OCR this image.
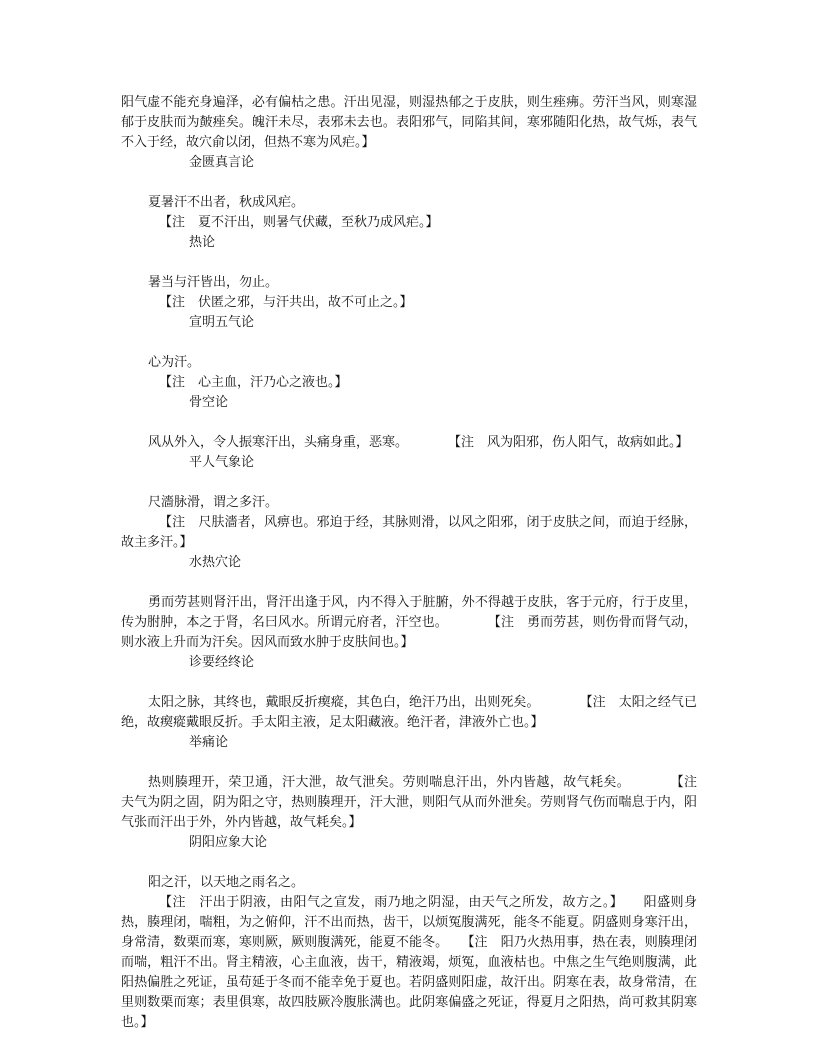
阳气虚不能充身遍泽，必有偏枯之患。汗出见湿，则湿热郁之于皮肤，则生痤疿。劳汗当风，则寒湿郁于皮肤而为皶痤矣。魄汗未尽，表邪未去也。表阳邪气，同陷其间，寒邪随阳化热，故气烁，表气不入于经，故穴俞以闭，但热不寒为风疟。】

金匮真言论

夏暑汗不出者，秋成风疟。

【注　夏不汗出，则暑气伏藏，至秋乃成风疟。】

热论

暑当与汗皆出，勿止。

【注　伏匿之邪，与汗共出，故不可止之。】

宣明五气论

心为汗。

【注　心主血，汗乃心之液也。】

骨空论

风从外入，令人振寒汗出，头痛身重，恶寒。	【注　风为阳邪，伤人阳气，故病如此。】

平人气象论

尺濇脉滑，谓之多汗。

【注　尺肤濇者，风痹也。邪迫于经，其脉则滑，以风之阳邪，闭于皮肤之间，而迫于经脉，故主多汗。】

水热穴论

勇而劳甚则肾汗出，肾汗出逢于风，内不得入于脏腑，外不得越于皮肤，客于元府，行于皮里，传为胕肿，本之于肾，名曰风水。所谓元府者，汗空也。	【注　勇而劳甚，则伤骨而肾气动，则水液上升而为汗矣。因风而致水肿于皮肤间也。】

诊要经终论

太阳之脉，其终也，戴眼反折瘈瘲，其色白，绝汗乃出，出则死矣。	【注　太阳之经气已绝，故瘈瘲戴眼反折。手太阳主液，足太阳藏液。绝汗者，津液外亡也。】

举痛论

热则腠理开，荣卫通，汗大泄，故气泄矣。劳则喘息汗出，外内皆越，故气耗矣。	【注　夫气为阴之固，阴为阳之守，热则腠理开，汗大泄，则阳气从而外泄矣。劳则肾气伤而喘息于内，阳气张而汗出于外，外内皆越，故气耗矣。】

阴阳应象大论

阳之汗，以天地之雨名之。

【注　汗出于阴液，由阳气之宣发，雨乃地之阴湿，由天气之所发，故方之。】　　阳盛则身热，腠理闭，喘粗，为之俯仰，汗不出而热，齿干，以烦冤腹满死，能冬不能夏。阴盛则身寒汗出，身常清，数栗而寒，寒则厥，厥则腹满死，能夏不能冬。　　【注　阳乃火热用事，热在表，则腠理闭而喘，粗汗不出。肾主精液，心主血液，齿干，精液竭，烦冤，血液枯也。中焦之生气绝则腹满，此阳热偏胜之死证，虽苟延于冬而不能幸免于夏也。若阴盛则阳虚，故汗出。阴寒在表，故身常清，在里则数栗而寒；表里俱寒，故四肢厥冷腹胀满也。此阴寒偏盛之死证，得夏月之阳热，尚可救其阴寒也。】
